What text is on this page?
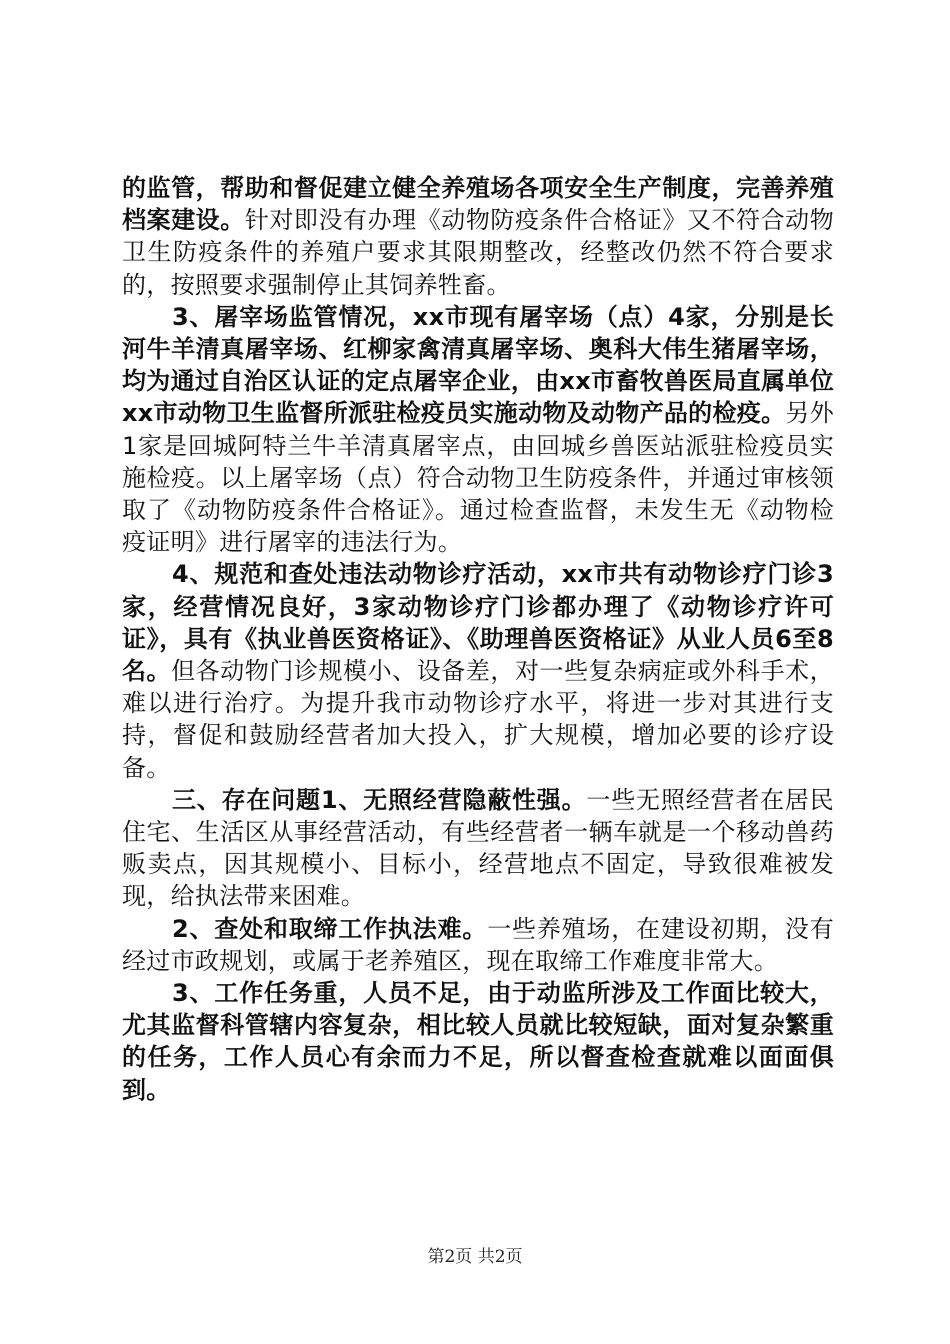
的监管，帮助和督促建立健全养殖场各项安全生产制度，完善养殖档案建设。针对即没有办理《动物防疫条件合格证》又不符合动物卫生防疫条件的养殖户要求其限期整改，经整改仍然不符合要求的，按照要求强制停止其饲养牲畜。

3、屠宰场监管情况，xx市现有屠宰场（点）4家，分别是长河牛羊清真屠宰场、红柳家禽清真屠宰场、奥科大伟生猪屠宰场，均为通过自治区认证的定点屠宰企业，由xx市畜牧兽医局直属单位xx市动物卫生监督所派驻检疫员实施动物及动物产品的检疫。另外1家是回城阿特兰牛羊清真屠宰点，由回城乡兽医站派驻检疫员实施检疫。以上屠宰场（点）符合动物卫生防疫条件，并通过审核领取了《动物防疫条件合格证》。通过检查监督，未发生无《动物检疫证明》进行屠宰的违法行为。

4、规范和查处违法动物诊疗活动，xx市共有动物诊疗门诊3家，经营情况良好，3家动物诊疗门诊都办理了《动物诊疗许可证》，具有《执业兽医资格证》、《助理兽医资格证》从业人员6至8名。但各动物门诊规模小、设备差，对一些复杂病症或外科手术，难以进行治疗。为提升我市动物诊疗水平，将进一步对其进行支持，督促和鼓励经营者加大投入，扩大规模，增加必要的诊疗设备。

三、存在问题1、无照经营隐蔽性强。一些无照经营者在居民住宅、生活区从事经营活动，有些经营者一辆车就是一个移动兽药贩卖点，因其规模小、目标小，经营地点不固定，导致很难被发现，给执法带来困难。

2、查处和取缔工作执法难。一些养殖场，在建设初期，没有经过市政规划，或属于老养殖区，现在取缔工作难度非常大。

3、工作任务重，人员不足，由于动监所涉及工作面比较大，尤其监督科管辖内容复杂，相比较人员就比较短缺，面对复杂繁重的任务，工作人员心有余而力不足，所以督查检查就难以面面俱到。

第2页 共2页
